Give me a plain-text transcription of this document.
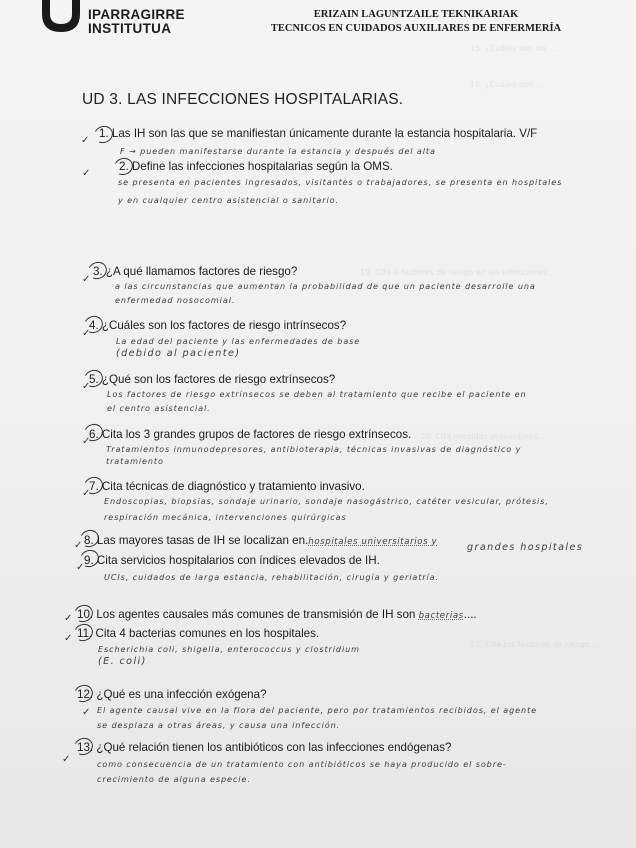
15. ¿Cuáles son los ...
16. ¿Cuáles son ...
19. Cita 4 factores de riesgo en las infecciones...
20. Cita medidas preventivas...
22. Cita los factores de riesgo...
IPARRAGIRRE
INSTITUTUA
ERIZAIN LAGUNTZAILE TEKNIKARIAK
TECNICOS EN CUIDADOS AUXILIARES DE ENFERMERÍA
UD 3. LAS INFECCIONES HOSPITALARIAS.
✓
1. Las IH son las que se manifiestan únicamente durante la estancia hospitalaria. V/F
F → pueden manifestarse durante la estancia y después del alta
✓
2. Define las infecciones hospitalarias según la OMS.
se presenta en pacientes ingresados, visitantes o trabajadores, se presenta en hospitales
y en cualquier centro asistencial o sanitario.
✓
3. ¿A qué llamamos factores de riesgo?
a las circunstancias que aumentan la probabilidad de que un paciente desarrolle una
enfermedad nosocomial.
✓
4. ¿Cuáles son los factores de riesgo intrínsecos?
La edad del paciente y las enfermedades de base
(debido al paciente)
✓
5. ¿Qué son los factores de riesgo extrínsecos?
Los factores de riesgo extrínsecos se deben al tratamiento que recibe el paciente en
el centro asistencial.
✓
6. Cita los 3 grandes grupos de factores de riesgo extrínsecos.
Tratamientos inmunodepresores, antibioterapia, técnicas invasivas de diagnóstico y
tratamiento
✓
7. Cita técnicas de diagnóstico y tratamiento invasivo.
Endoscopias, biopsias, sondaje urinario, sondaje nasogástrico, catéter vesicular, prótesis,
respiración mecánica, intervenciones quirúrgicas
✓ 8. Las mayores tasas de IH se localizan en.hospitales universitarios y	grandes hospitales
✓
9. Cita servicios hospitalarios con índices elevados de IH.
UCIs, cuidados de larga estancia, rehabilitación, cirugía y geriatría.
✓ 10. Los agentes causales más comunes de transmisión de IH son bacterias....
✓ 11. Cita 4 bacterias comunes en los hospitales.
Escherichia coli, shigella, enterococcus y clostridium
(E. coli)
✓
12. ¿Qué es una infección exógena?
El agente causal vive en la flora del paciente, pero por tratamientos recibidos, el agente
se desplaza a otras áreas, y causa una infección.
✓
13. ¿Qué relación tienen los antibióticos con las infecciones endógenas?
como consecuencia de un tratamiento con antibióticos se haya producido el sobre-
crecimiento de alguna especie.
